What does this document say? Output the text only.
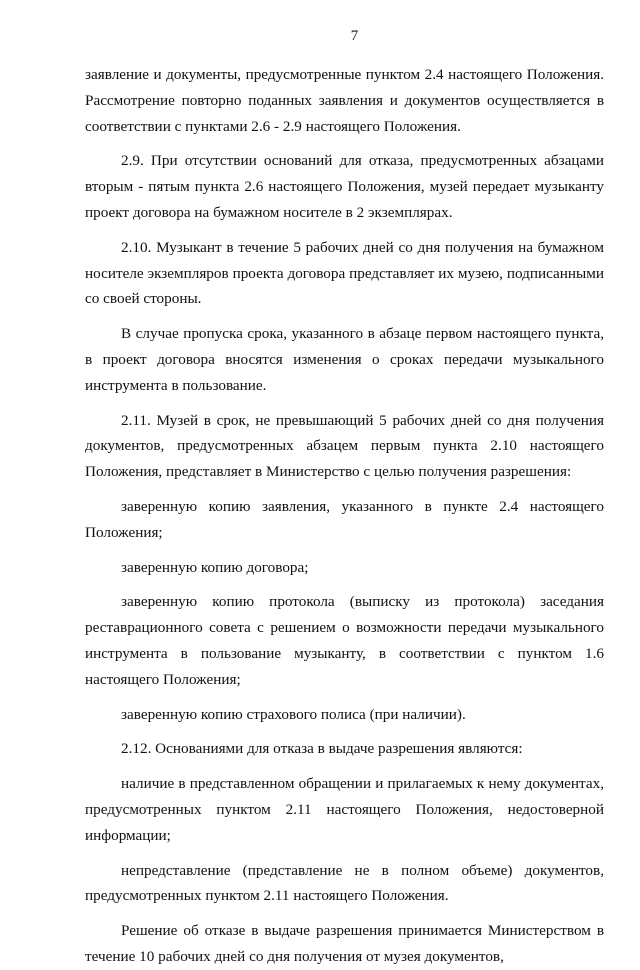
7

заявление и документы, предусмотренные пунктом 2.4 настоящего Положения. Рассмотрение повторно поданных заявления и документов осуществляется в соответствии с пунктами 2.6 - 2.9 настоящего Положения.

2.9. При отсутствии оснований для отказа, предусмотренных абзацами вторым - пятым пункта 2.6 настоящего Положения, музей передает музыканту проект договора на бумажном носителе в 2 экземплярах.

2.10. Музыкант в течение 5 рабочих дней со дня получения на бумажном носителе экземпляров проекта договора представляет их музею, подписанными со своей стороны.

В случае пропуска срока, указанного в абзаце первом настоящего пункта, в проект договора вносятся изменения о сроках передачи музыкального инструмента в пользование.

2.11. Музей в срок, не превышающий 5 рабочих дней со дня получения документов, предусмотренных абзацем первым пункта 2.10 настоящего Положения, представляет в Министерство с целью получения разрешения:

заверенную копию заявления, указанного в пункте 2.4 настоящего Положения;

заверенную копию договора;

заверенную копию протокола (выписку из протокола) заседания реставрационного совета с решением о возможности передачи музыкального инструмента в пользование музыканту, в соответствии с пунктом 1.6 настоящего Положения;

заверенную копию страхового полиса (при наличии).

2.12. Основаниями для отказа в выдаче разрешения являются:

наличие в представленном обращении и прилагаемых к нему документах, предусмотренных пунктом 2.11 настоящего Положения, недостоверной информации;

непредставление (представление не в полном объеме) документов, предусмотренных пунктом 2.11 настоящего Положения.

Решение об отказе в выдаче разрешения принимается Министерством в течение 10 рабочих дней со дня получения от музея документов,
